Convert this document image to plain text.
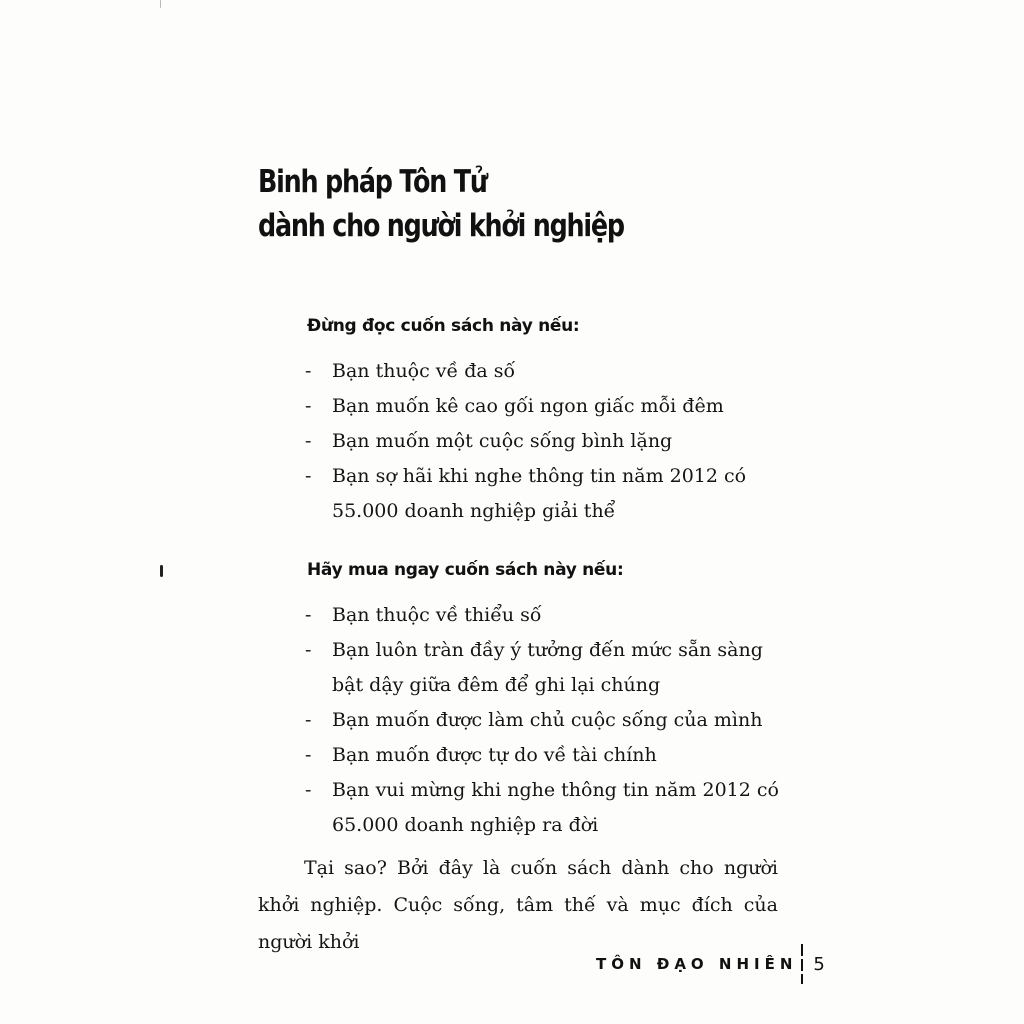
Binh pháp Tôn Tử
dành cho người khởi nghiệp
Đừng đọc cuốn sách này nếu:
- Bạn thuộc về đa số
- Bạn muốn kê cao gối ngon giấc mỗi đêm
- Bạn muốn một cuộc sống bình lặng
- Bạn sợ hãi khi nghe thông tin năm 2012 có 55.000 doanh nghiệp giải thể
Hãy mua ngay cuốn sách này nếu:
- Bạn thuộc về thiểu số
- Bạn luôn tràn đầy ý tưởng đến mức sẵn sàng bật dậy giữa đêm để ghi lại chúng
- Bạn muốn được làm chủ cuộc sống của mình
- Bạn muốn được tự do về tài chính
- Bạn vui mừng khi nghe thông tin năm 2012 có 65.000 doanh nghiệp ra đời

Tại sao? Bởi đây là cuốn sách dành cho người khởi nghiệp. Cuộc sống, tâm thế và mục đích của người khởi

TÔN ĐẠO NHIÊN 5
